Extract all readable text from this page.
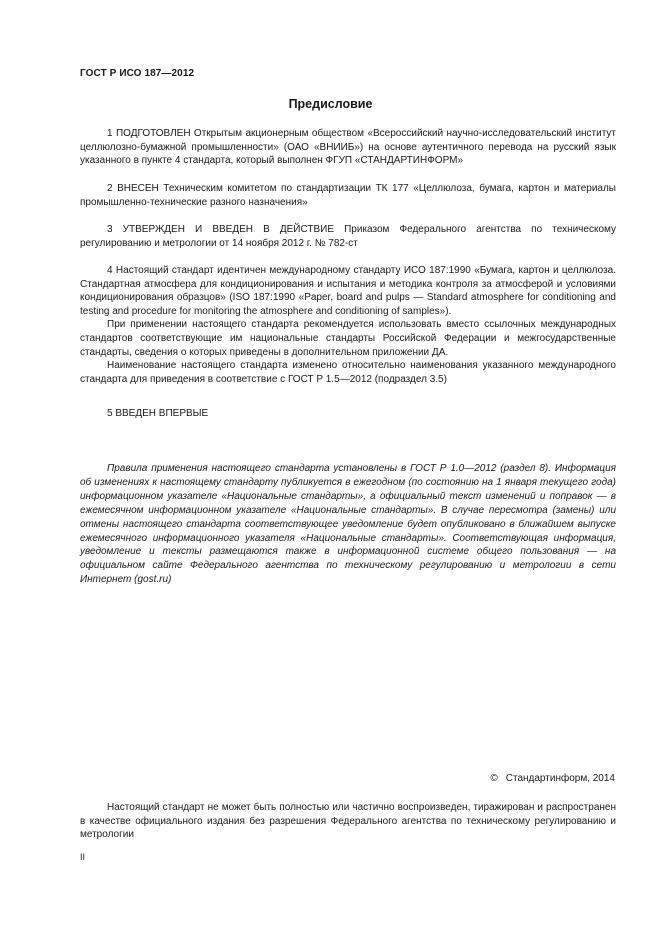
ГОСТ Р ИСО 187—2012
Предисловие

1 ПОДГОТОВЛЕН Открытым акционерным обществом «Всероссийский научно-исследовательский институт целлюлозно-бумажной промышленности» (ОАО «ВНИИБ») на основе аутентичного перевода на русский язык указанного в пункте 4 стандарта, который выполнен ФГУП «СТАНДАРТИНФОРМ»

2 ВНЕСЕН Техническим комитетом по стандартизации ТК 177 «Целлюлоза, бумага, картон и материалы промышленно-технические разного назначения»

3 УТВЕРЖДЕН И ВВЕДЕН В ДЕЙСТВИЕ Приказом Федерального агентства по техническому регулированию и метрологии от 14 ноября 2012 г. № 782-ст

4 Настоящий стандарт идентичен международному стандарту ИСО 187:1990 «Бумага, картон и целлюлоза. Стандартная атмосфера для кондиционирования и испытания и методика контроля за атмосферой и условиями кондиционирования образцов» (ISO 187:1990 «Paper, board and pulps — Standard atmosphere for conditioning and testing and procedure for monitoring the atmosphere and conditioning of samples»).

При применении настоящего стандарта рекомендуется использовать вместо ссылочных международных стандартов соответствующие им национальные стандарты Российской Федерации и межгосударственные стандарты, сведения о которых приведены в дополнительном приложении ДА.

Наименование настоящего стандарта изменено относительно наименования указанного международного стандарта для приведения в соответствие с ГОСТ Р 1.5—2012 (подраздел 3.5)

5 ВВЕДЕН ВПЕРВЫЕ

Правила применения настоящего стандарта установлены в ГОСТ Р 1.0—2012 (раздел 8). Информация об изменениях к настоящему стандарту публикуется в ежегодном (по состоянию на 1 января текущего года) информационном указателе «Национальные стандарты», а официальный текст изменений и поправок — в ежемесячном информационном указателе «Национальные стандарты». В случае пересмотра (замены) или отмены настоящего стандарта соответствующее уведомление будет опубликовано в ближайшем выпуске ежемесячного информационного указателя «Национальные стандарты». Соответствующая информация, уведомление и тексты размещаются также в информационной системе общего пользования — на официальном сайте Федерального агентства по техническому регулированию и метрологии в сети Интернет (gost.ru)

© Стандартинформ, 2014

Настоящий стандарт не может быть полностью или частично воспроизведен, тиражирован и распространен в качестве официального издания без разрешения Федерального агентства по техническому регулированию и метрологии

II
